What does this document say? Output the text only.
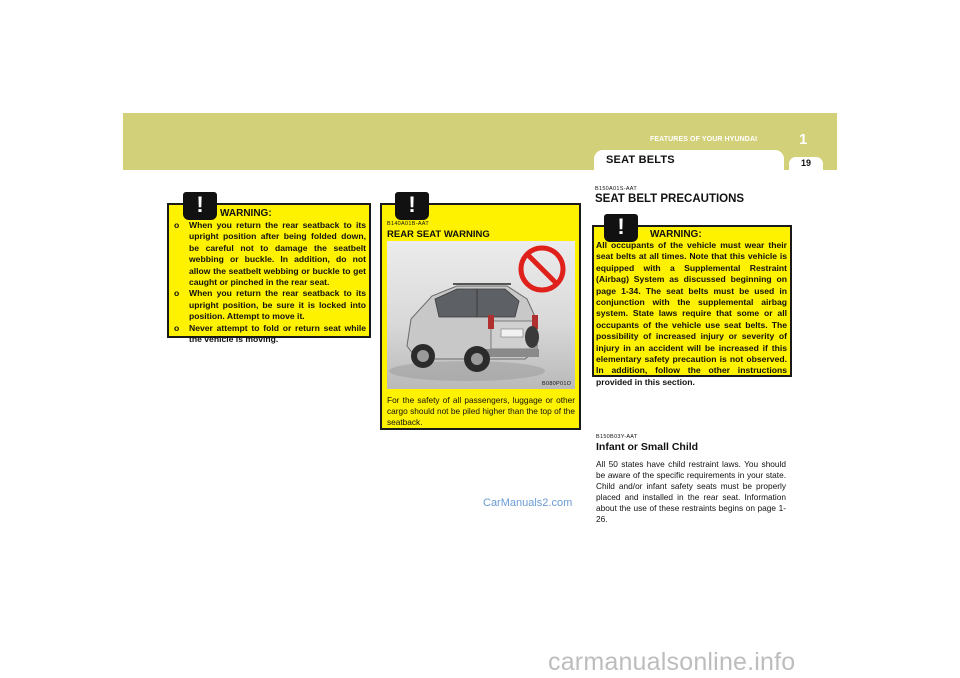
FEATURES OF YOUR HYUNDAI	1
SEAT BELTS	19
!	WARNING:
o When you return the rear seatback to its upright position after being folded down, be careful not to damage the seatbelt webbing or buckle. In addition, do not allow the seatbelt webbing or buckle to get caught or pinched in the rear seat.
o When you return the rear seatback to its upright position, be sure it is locked into position. Attempt to move it.
o Never attempt to fold or return seat while the vehicle is moving.
!
B140A01B-AAT
REAR SEAT WARNING
B080P01O
For the safety of all passengers, luggage or other cargo should not be piled higher than the top of the seatback.
B150A01S-AAT
SEAT BELT PRECAUTIONS
!	WARNING:
All occupants of the vehicle must wear their seat belts at all times. Note that this vehicle is equipped with a Supplemental Restraint (Airbag) System as discussed beginning on page 1-34. The seat belts must be used in conjunction with the supplemental airbag system. State laws require that some or all occupants of the vehicle use seat belts. The possibility of increased injury or severity of injury in an accident will be increased if this elementary safety precaution is not observed. In addition, follow the other instructions provided in this section.
B150B03Y-AAT
Infant or Small Child
All 50 states have child restraint laws. You should be aware of the specific requirements in your state. Child and/or infant safety seats must be properly placed and installed in the rear seat. Information about the use of these restraints begins on page 1-26.
CarManuals2.com
carmanualsonline.info
